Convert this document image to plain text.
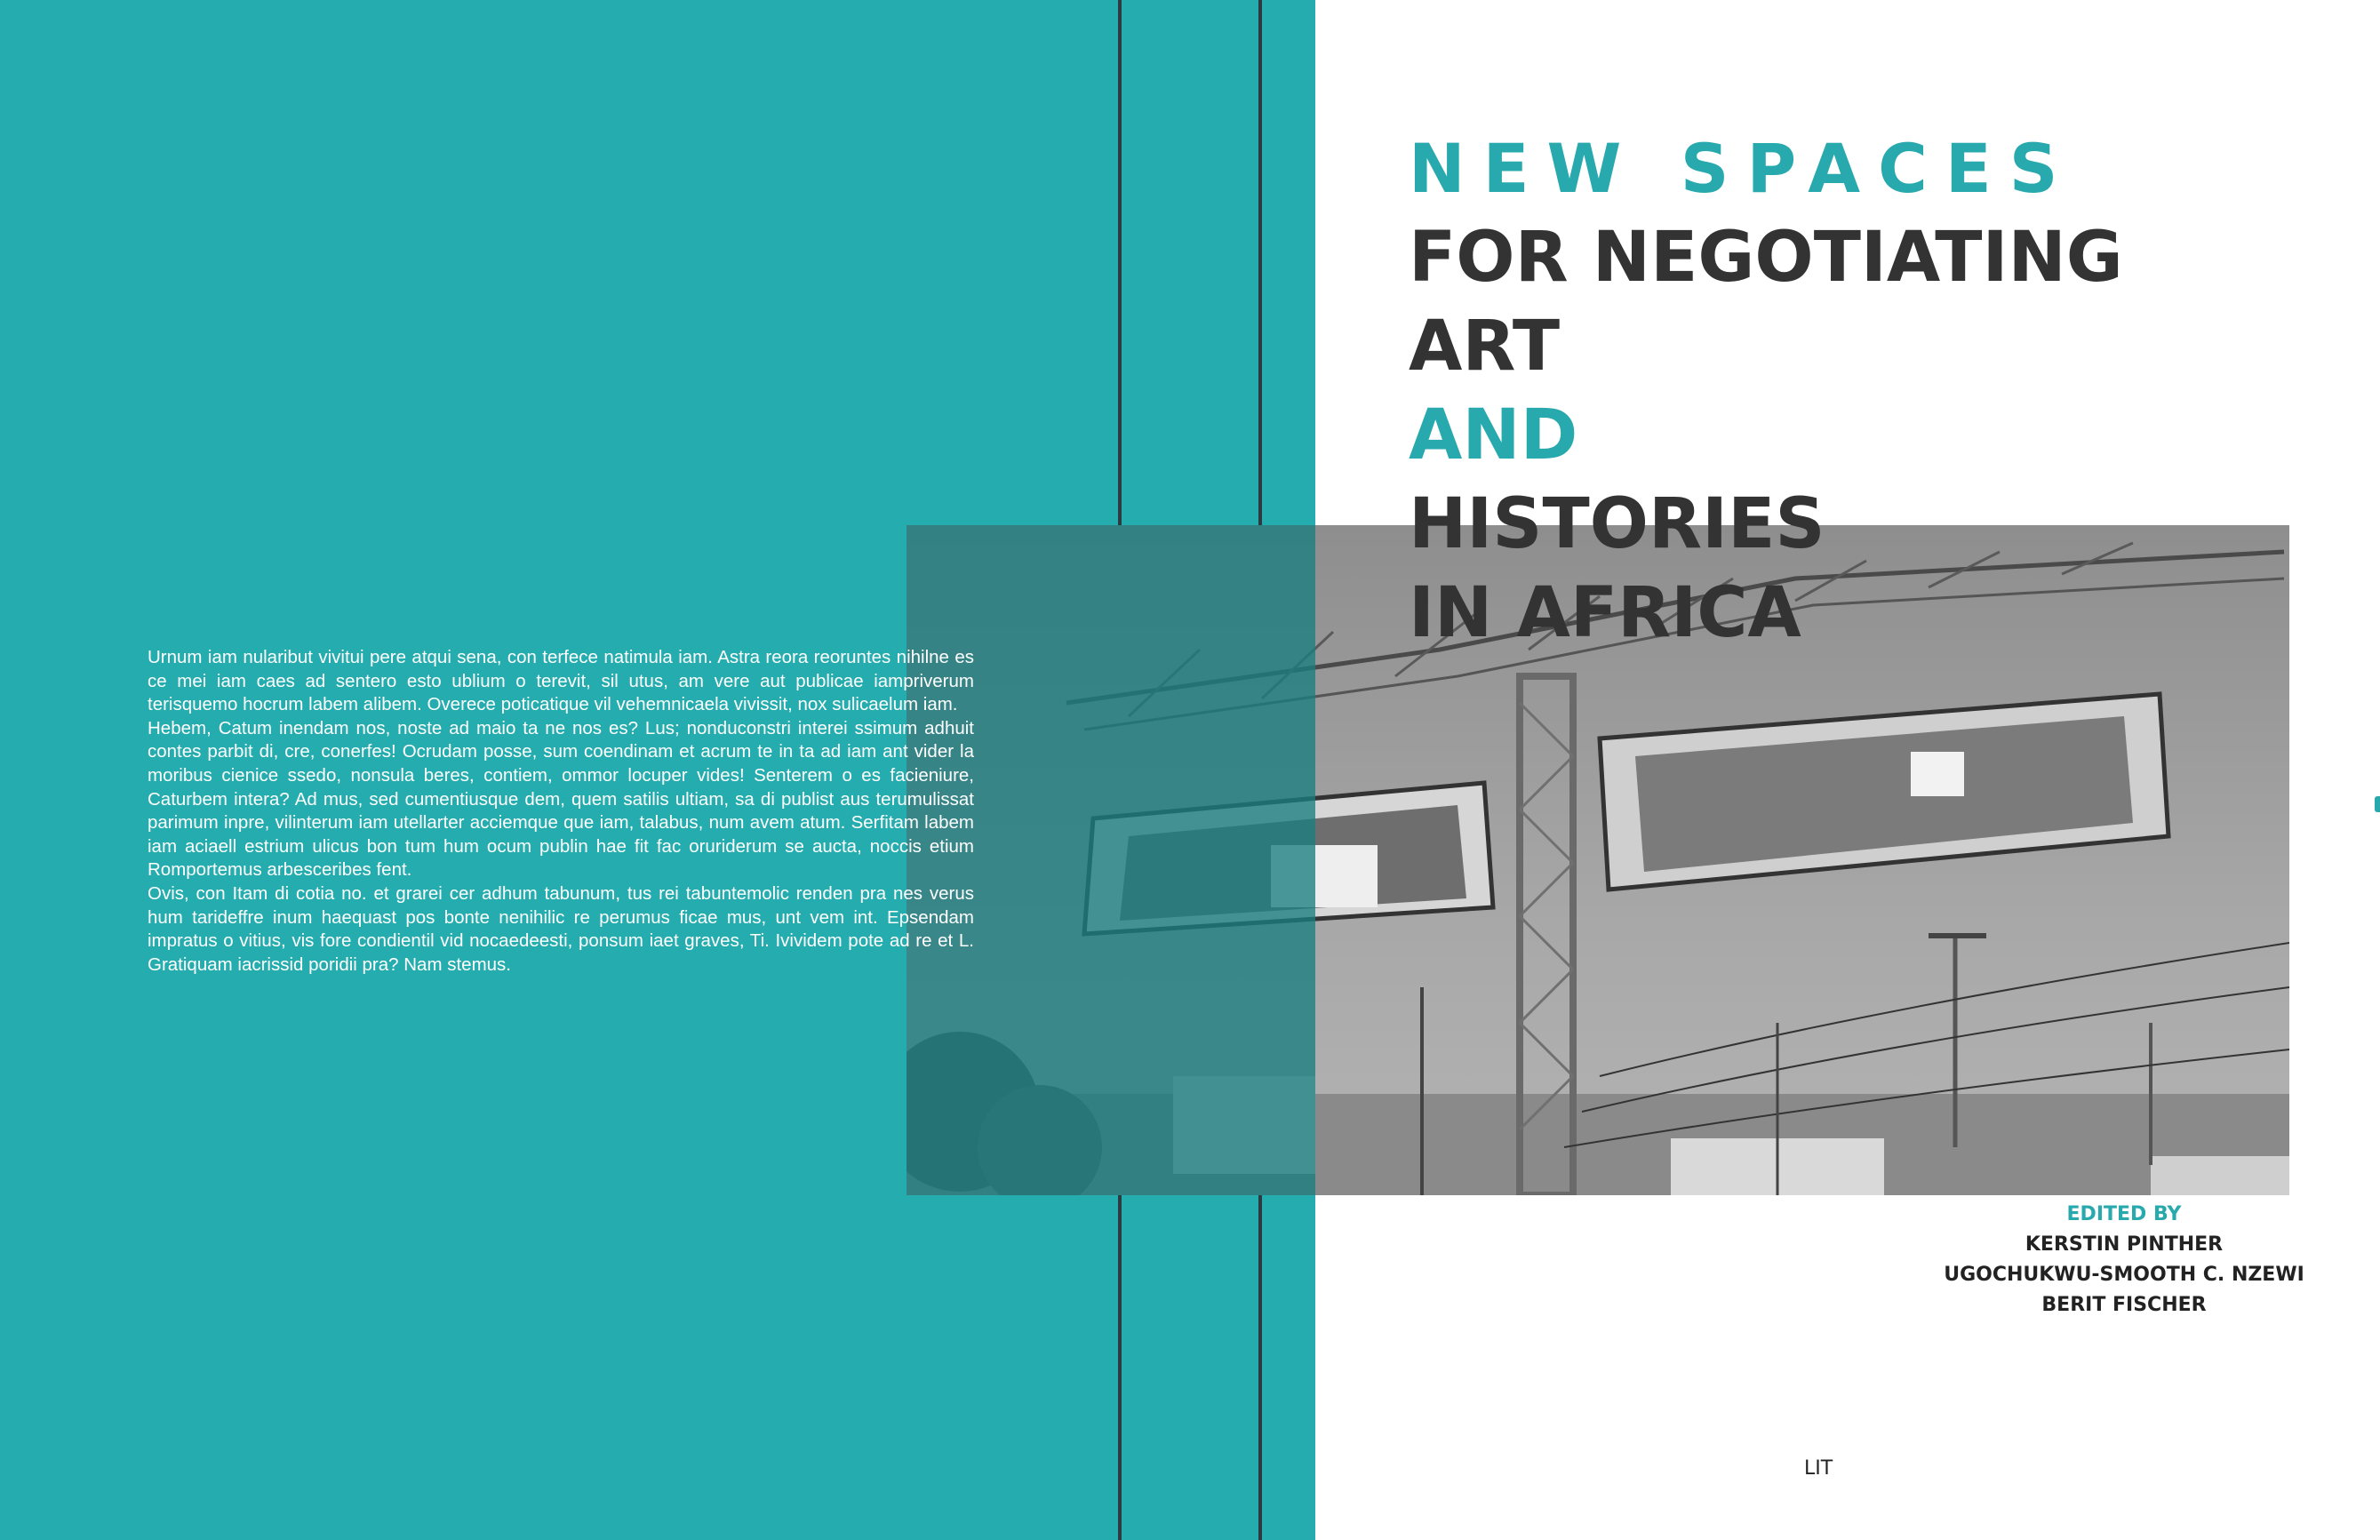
Urnum iam nularibut vivitui pere atqui sena, con terfece natimula iam. Astra reora reoruntes nihilne es ce mei iam caes ad sentero esto ublium o terevit, sil utus, am vere aut publicae iampriverum terisquemo hocrum labem alibem. Overece poticatique vil vehemnicaela vivissit, nox sulicaelum iam.

Hebem, Catum inendam nos, noste ad maio ta ne nos es? Lus; nonduconstri interei ssimum adhuit contes parbit di, cre, conerfes! Ocrudam posse, sum coendinam et acrum te in ta ad iam ant vider la moribus cienice ssedo, nonsula beres, contiem, ommor locuper vides! Senterem o es facieniure, Caturbem intera? Ad mus, sed cumentiusque dem, quem satilis ultiam, sa di publist aus terumulissat parimum inpre, vilinterum iam utellarter acciemque que iam, talabus, num avem atum. Serfitam labem iam aciaell estrium ulicus bon tum hum ocum publin hae fit fac oruriderum se aucta, noccis etium Romportemus arbesceribes fent.

Ovis, con Itam di cotia no. et grarei cer adhum tabunum, tus rei tabuntemolic renden pra nes verus hum tarideffre inum haequast pos bonte nenihilic re perumus ficae mus, unt vem int. Epsendam impratus o vitius, vis fore condientil vid nocaedeesti, ponsum iaet graves, Ti. Ivividem pote ad re et L. Gratiquam iacrissid poridii pra? Nam stemus.

NEW SPACES
FOR NEGOTIATING
ART
AND
HISTORIES
IN AFRICA
EDITED BY
KERSTIN PINTHER
UGOCHUKWU-SMOOTH C. NZEWI
BERIT FISCHER
LIT
